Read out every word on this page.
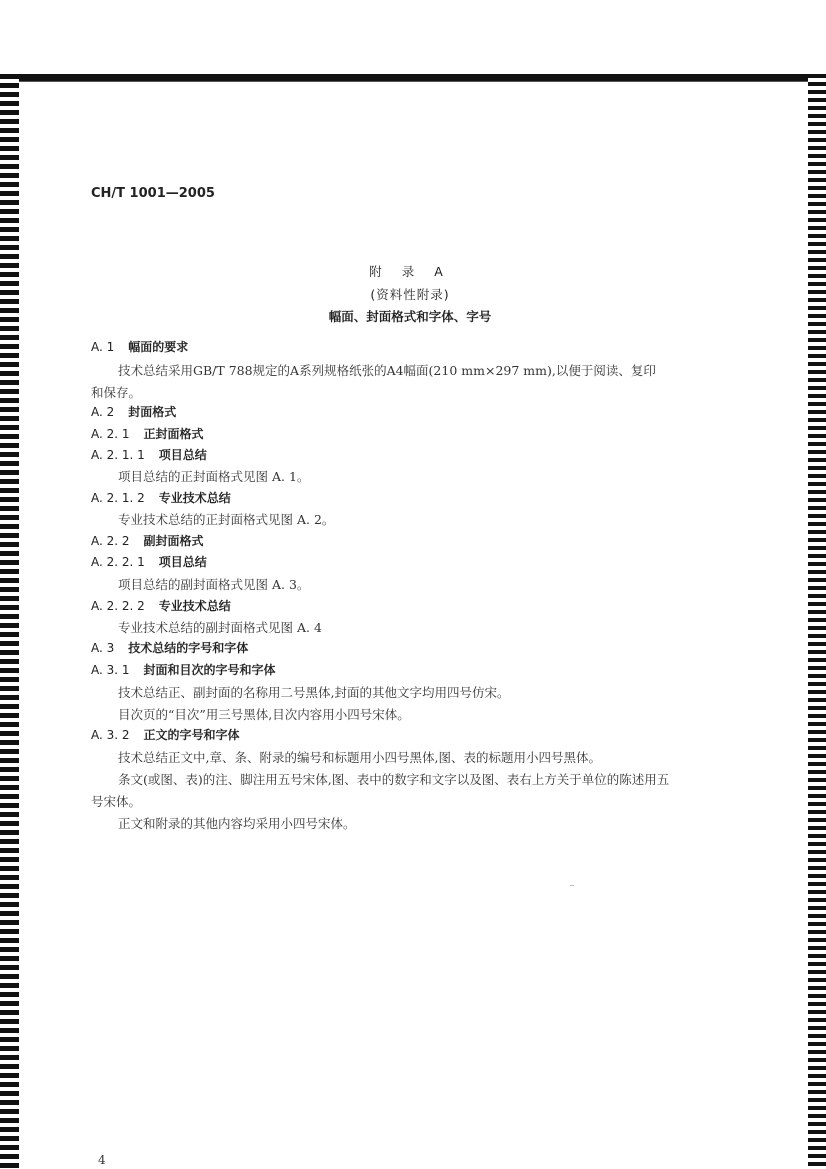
CH/T 1001—2005
附 录 A
(资料性附录)
幅面、封面格式和字体、字号
A. 1 幅面的要求
技术总结采用GB/T 788规定的A系列规格纸张的A4幅面(210 mm×297 mm),以便于阅读、复印
和保存。
A. 2 封面格式
A. 2. 1 正封面格式
A. 2. 1. 1 项目总结
项目总结的正封面格式见图 A. 1。
A. 2. 1. 2 专业技术总结
专业技术总结的正封面格式见图 A. 2。
A. 2. 2 副封面格式
A. 2. 2. 1 项目总结
项目总结的副封面格式见图 A. 3。
A. 2. 2. 2 专业技术总结
专业技术总结的副封面格式见图 A. 4
A. 3 技术总结的字号和字体
A. 3. 1 封面和目次的字号和字体
技术总结正、副封面的名称用二号黑体,封面的其他文字均用四号仿宋。
目次页的“目次”用三号黑体,目次内容用小四号宋体。
A. 3. 2 正文的字号和字体
技术总结正文中,章、条、附录的编号和标题用小四号黑体,图、表的标题用小四号黑体。
条文(或图、表)的注、脚注用五号宋体,图、表中的数字和文字以及图、表右上方关于单位的陈述用五
号宋体。
正文和附录的其他内容均采用小四号宋体。
4
